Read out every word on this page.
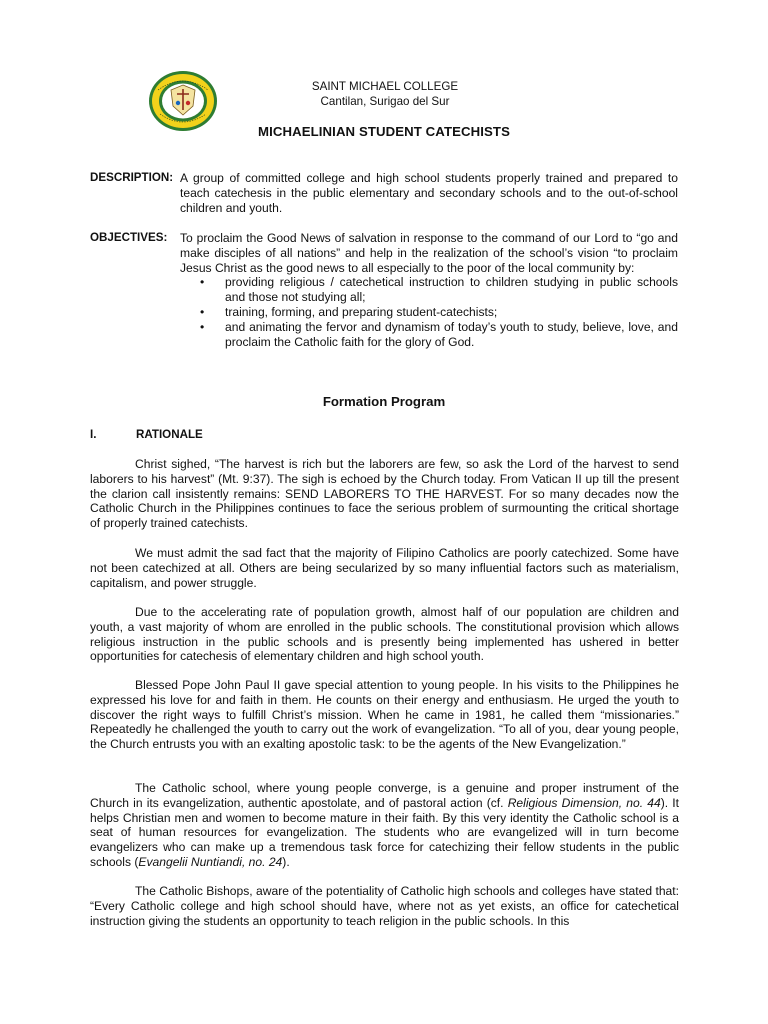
SAINT MICHAEL COLLEGE
Cantilan, Surigao del Sur
MICHAELINIAN STUDENT CATECHISTS
DESCRIPTION: A group of committed college and high school students properly trained and prepared to teach catechesis in the public elementary and secondary schools and to the out-of-school children and youth.

OBJECTIVES: To proclaim the Good News of salvation in response to the command of our Lord to “go and make disciples of all nations” and help in the realization of the school’s vision “to proclaim Jesus Christ as the good news to all especially to the poor of the local community by:

• providing religious / catechetical instruction to children studying in public schools and those not studying all;
• training, forming, and preparing student-catechists;
• and animating the fervor and dynamism of today’s youth to study, believe, love, and proclaim the Catholic faith for the glory of God.
Formation Program
I.	RATIONALE

Christ sighed, “The harvest is rich but the laborers are few, so ask the Lord of the harvest to send laborers to his harvest” (Mt. 9:37). The sigh is echoed by the Church today. From Vatican II up till the present the clarion call insistently remains: SEND LABORERS TO THE HARVEST. For so many decades now the Catholic Church in the Philippines continues to face the serious problem of surmounting the critical shortage of properly trained catechists.

We must admit the sad fact that the majority of Filipino Catholics are poorly catechized. Some have not been catechized at all. Others are being secularized by so many influential factors such as materialism, capitalism, and power struggle.

Due to the accelerating rate of population growth, almost half of our population are children and youth, a vast majority of whom are enrolled in the public schools. The constitutional provision which allows religious instruction in the public schools and is presently being implemented has ushered in better opportunities for catechesis of elementary children and high school youth.

Blessed Pope John Paul II gave special attention to young people. In his visits to the Philippines he expressed his love for and faith in them. He counts on their energy and enthusiasm. He urged the youth to discover the right ways to fulfill Christ’s mission. When he came in 1981, he called them “missionaries.” Repeatedly he challenged the youth to carry out the work of evangelization. “To all of you, dear young people, the Church entrusts you with an exalting apostolic task: to be the agents of the New Evangelization.”

The Catholic school, where young people converge, is a genuine and proper instrument of the Church in its evangelization, authentic apostolate, and of pastoral action (cf. Religious Dimension, no. 44). It helps Christian men and women to become mature in their faith. By this very identity the Catholic school is a seat of human resources for evangelization. The students who are evangelized will in turn become evangelizers who can make up a tremendous task force for catechizing their fellow students in the public schools (Evangelii Nuntiandi, no. 24).

The Catholic Bishops, aware of the potentiality of Catholic high schools and colleges have stated that: “Every Catholic college and high school should have, where not as yet exists, an office for catechetical instruction giving the students an opportunity to teach religion in the public schools. In this
